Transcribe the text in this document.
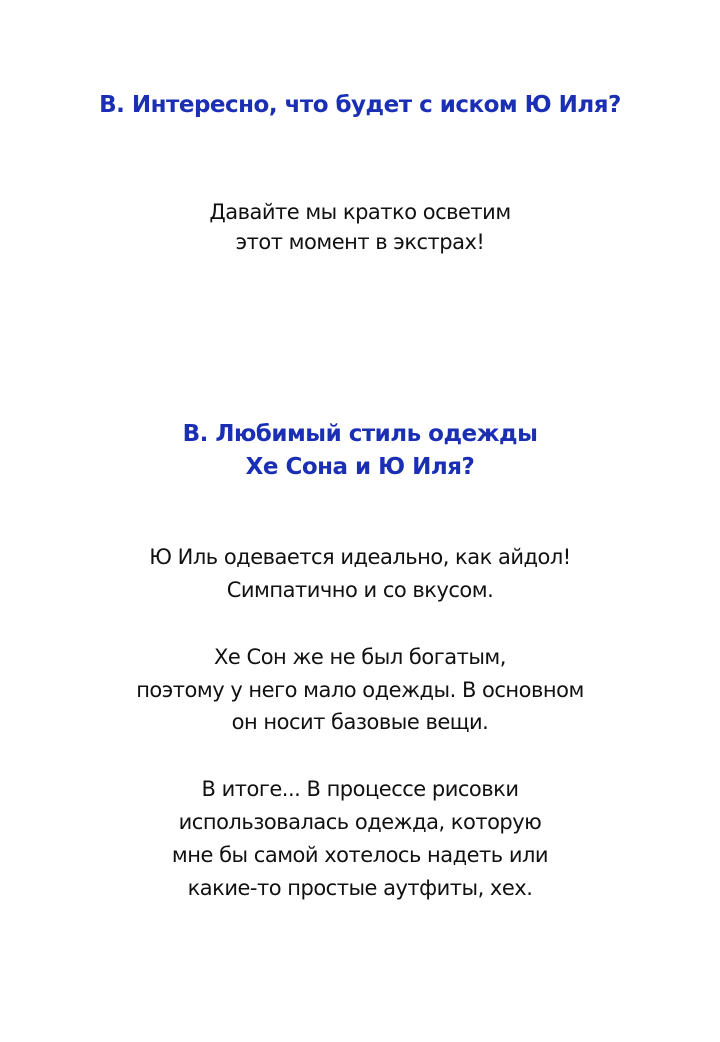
В. Интересно, что будет с иском Ю Иля?
Давайте мы кратко осветим
этот момент в экстрах!
В. Любимый стиль одежды
Хе Сона и Ю Иля?
Ю Иль одевается идеально, как айдол!
Симпатично и со вкусом.
Хе Сон же не был богатым,
поэтому у него мало одежды. В основном
он носит базовые вещи.
В итоге... В процессе рисовки
использовалась одежда, которую
мне бы самой хотелось надеть или
какие-то простые аутфиты, хех.
